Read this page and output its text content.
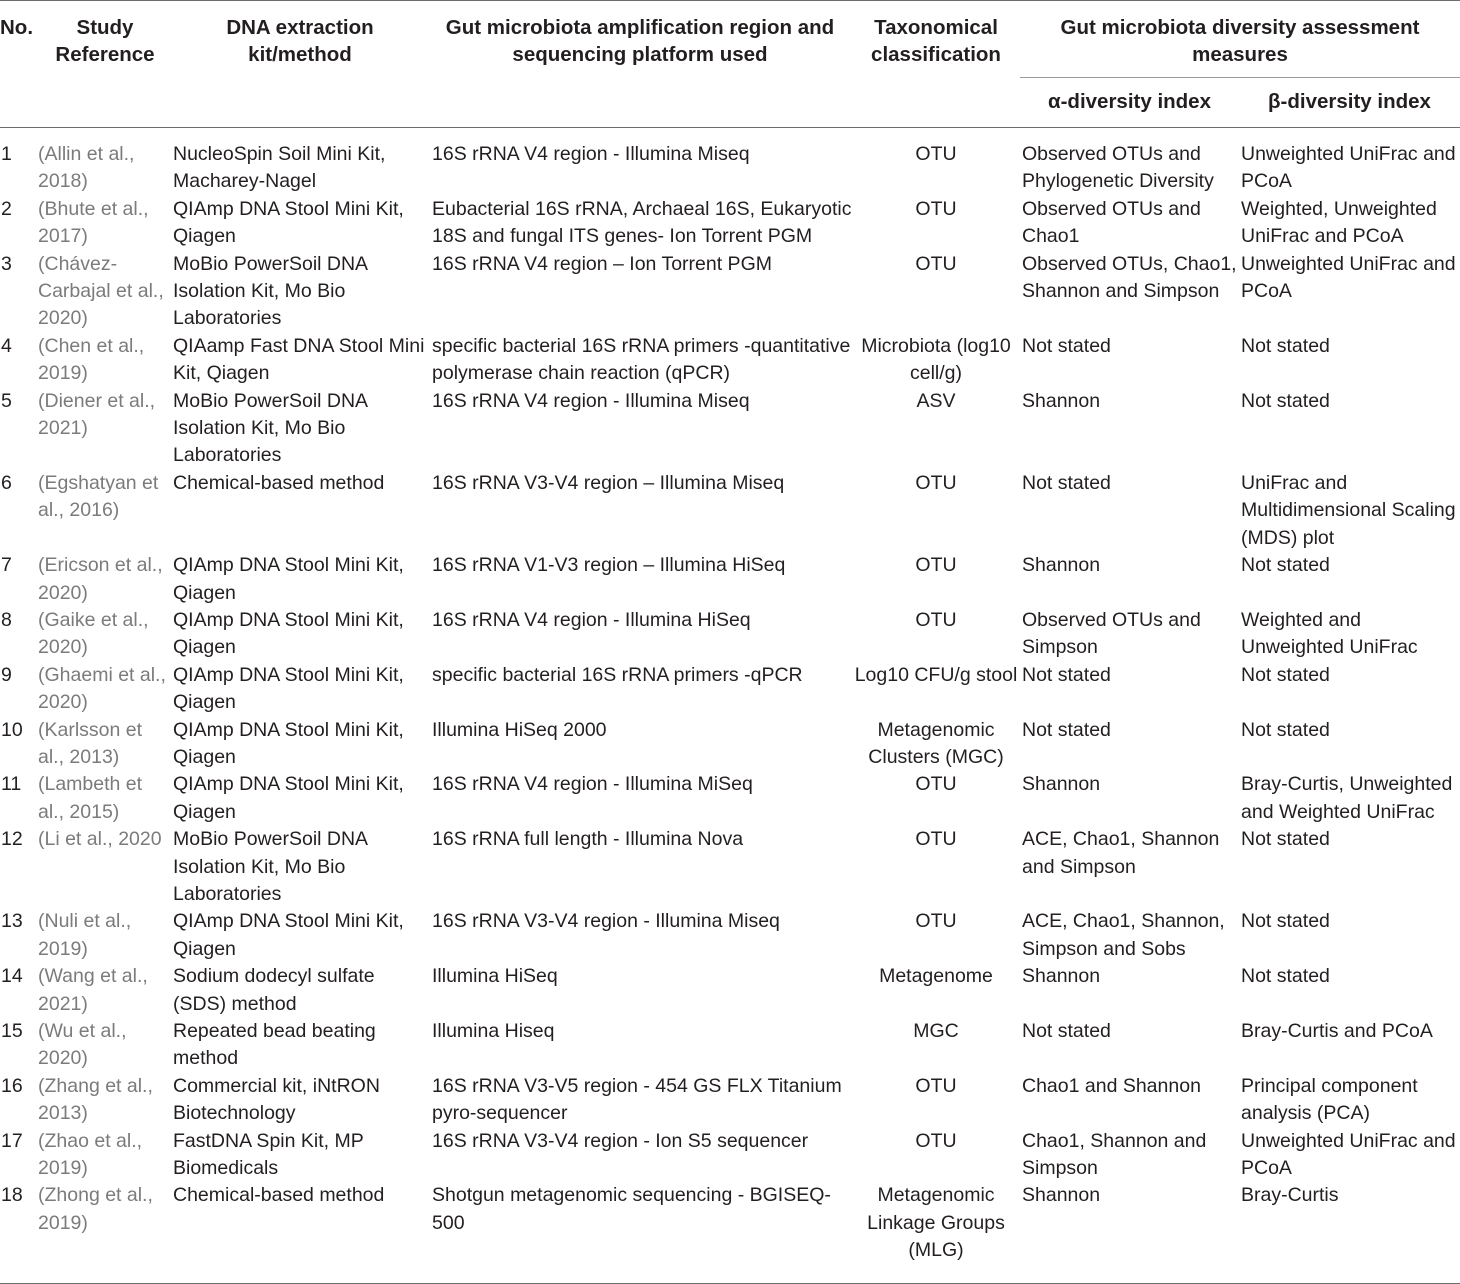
No.	Study Reference	DNA extraction kit/method	Gut microbiota amplification region and sequencing platform used	Taxonomical classification	Gut microbiota diversity assessment measures	
					α-diversity index	β-diversity index
1	(Allin et al., 2018)	NucleoSpin Soil Mini Kit, Macharey-Nagel	16S rRNA V4 region - Illumina Miseq	OTU	Observed OTUs and Phylogenetic Diversity	Unweighted UniFrac and PCoA
2	(Bhute et al., 2017)	QIAmp DNA Stool Mini Kit, Qiagen	Eubacterial 16S rRNA, Archaeal 16S, Eukaryotic 18S and fungal ITS genes- Ion Torrent PGM	OTU	Observed OTUs and Chao1	Weighted, Unweighted UniFrac and PCoA
3	(Chávez-Carbajal et al., 2020)	MoBio PowerSoil DNA Isolation Kit, Mo Bio Laboratories	16S rRNA V4 region – Ion Torrent PGM	OTU	Observed OTUs, Chao1, Shannon and Simpson	Unweighted UniFrac and PCoA
4	(Chen et al., 2019)	QIAamp Fast DNA Stool Mini Kit, Qiagen	specific bacterial 16S rRNA primers -quantitative polymerase chain reaction (qPCR)	Microbiota (log10 cell/g)	Not stated	Not stated
5	(Diener et al., 2021)	MoBio PowerSoil DNA Isolation Kit, Mo Bio Laboratories	16S rRNA V4 region - Illumina Miseq	ASV	Shannon	Not stated
6	(Egshatyan et al., 2016)	Chemical-based method	16S rRNA V3-V4 region – Illumina Miseq	OTU	Not stated	UniFrac and Multidimensional Scaling (MDS) plot
7	(Ericson et al., 2020)	QIAmp DNA Stool Mini Kit, Qiagen	16S rRNA V1-V3 region – Illumina HiSeq	OTU	Shannon	Not stated
8	(Gaike et al., 2020)	QIAmp DNA Stool Mini Kit, Qiagen	16S rRNA V4 region - Illumina HiSeq	OTU	Observed OTUs and Simpson	Weighted and Unweighted UniFrac
9	(Ghaemi et al., 2020)	QIAmp DNA Stool Mini Kit, Qiagen	specific bacterial 16S rRNA primers -qPCR	Log10 CFU/g stool	Not stated	Not stated
10	(Karlsson et al., 2013)	QIAmp DNA Stool Mini Kit, Qiagen	Illumina HiSeq 2000	Metagenomic Clusters (MGC)	Not stated	Not stated
11	(Lambeth et al., 2015)	QIAmp DNA Stool Mini Kit, Qiagen	16S rRNA V4 region - Illumina MiSeq	OTU	Shannon	Bray-Curtis, Unweighted and Weighted UniFrac
12	(Li et al., 2020	MoBio PowerSoil DNA Isolation Kit, Mo Bio Laboratories	16S rRNA full length - Illumina Nova	OTU	ACE, Chao1, Shannon and Simpson	Not stated
13	(Nuli et al., 2019)	QIAmp DNA Stool Mini Kit, Qiagen	16S rRNA V3-V4 region - Illumina Miseq	OTU	ACE, Chao1, Shannon, Simpson and Sobs	Not stated
14	(Wang et al., 2021)	Sodium dodecyl sulfate (SDS) method	Illumina HiSeq	Metagenome	Shannon	Not stated
15	(Wu et al., 2020)	Repeated bead beating method	Illumina Hiseq	MGC	Not stated	Bray-Curtis and PCoA
16	(Zhang et al., 2013)	Commercial kit, iNtRON Biotechnology	16S rRNA V3-V5 region - 454 GS FLX Titanium pyro-sequencer	OTU	Chao1 and Shannon	Principal component analysis (PCA)
17	(Zhao et al., 2019)	FastDNA Spin Kit, MP Biomedicals	16S rRNA V3-V4 region - Ion S5 sequencer	OTU	Chao1, Shannon and Simpson	Unweighted UniFrac and PCoA
18	(Zhong et al., 2019)	Chemical-based method	Shotgun metagenomic sequencing - BGISEQ-500	Metagenomic Linkage Groups (MLG)	Shannon	Bray-Curtis
